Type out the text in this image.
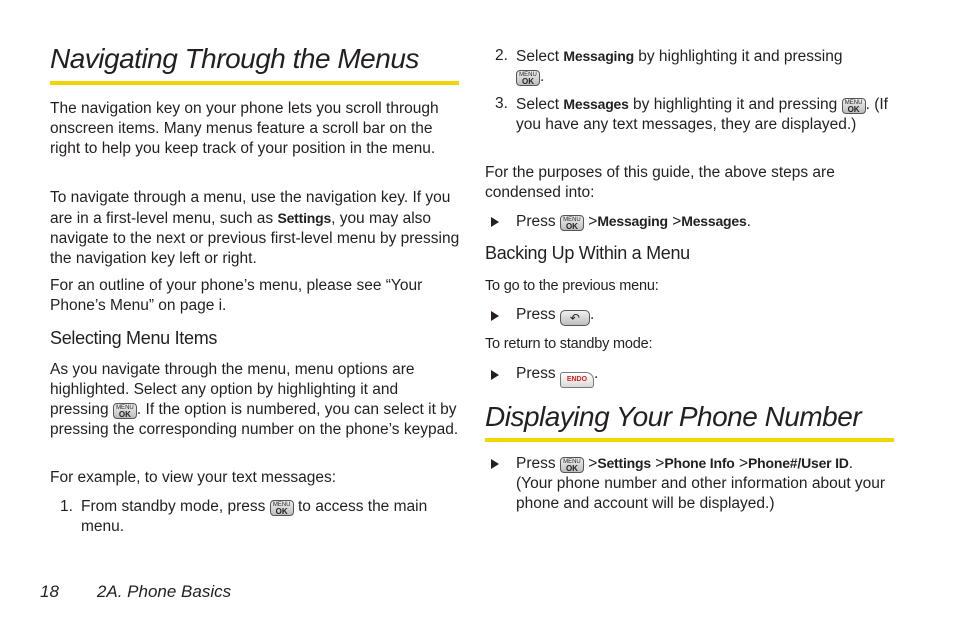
Navigating Through the Menus

The navigation key on your phone lets you scroll through onscreen items. Many menus feature a scroll bar on the right to help you keep track of your position in the menu.

To navigate through a menu, use the navigation key. If you are in a first-level menu, such as Settings, you may also navigate to the next or previous first-level menu by pressing the navigation key left or right.

For an outline of your phone’s menu, please see “Your Phone’s Menu” on page i.

Selecting Menu Items

As you navigate through the menu, menu options are highlighted. Select any option by highlighting it and pressing MENU
OK . If the option is numbered, you can select it by pressing the corresponding number on the phone’s keypad.

For example, to view your text messages:

1. From standby mode, press MENU
OK to access the main menu.

2. Select Messaging by highlighting it and pressing MENU
OK .

3. Select Messages by highlighting it and pressing MENU
OK . (If you have any text messages, they are displayed.)

For the purposes of this guide, the above steps are condensed into:

Press MENU
OK >Messaging >Messages.

Backing Up Within a Menu

To go to the previous menu:

Press ↶ .

To return to standby mode:

Press ENDO .

Displaying Your Phone Number

Press MENU
OK >Settings >Phone Info >Phone#/User ID. (Your phone number and other information about your phone and account will be displayed.)

18 2A. Phone Basics
